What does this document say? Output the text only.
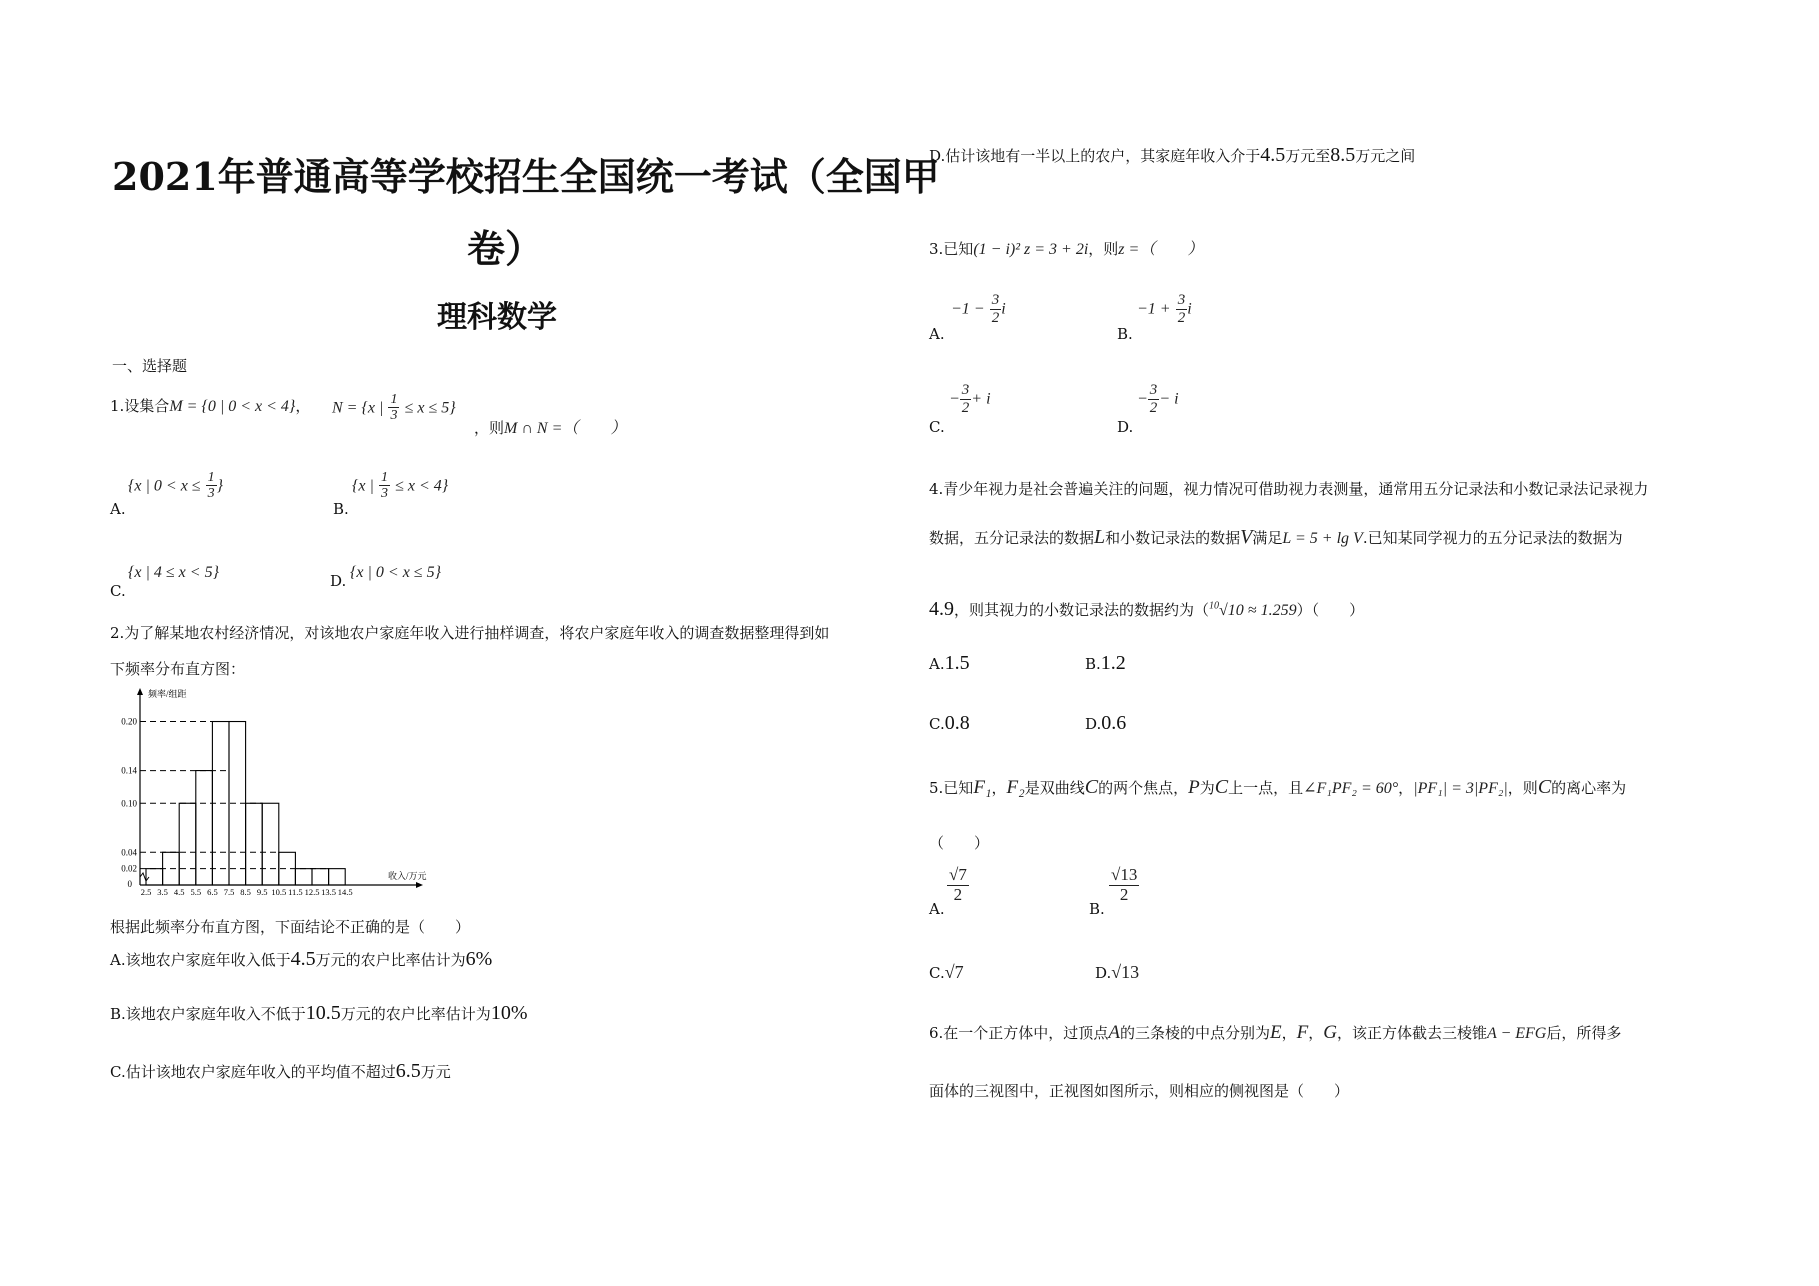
2021年普通高等学校招生全国统一考试（全国甲
卷）
理科数学
一、选择题
1.设集合M = {0 | 0 < x < 4}， N = {x | $\frac{1}{3} \le x \le 5$}
，则M ∩ N =（　　）
A.
{x | $0 < x \le \frac{1}{3}$ }
B.
{x | $\frac{1}{3} \le x < 4$}
C.
{x | 4 ≤ x < 5}	D. {x | 0 < x ≤ 5}
2.为了解某地农村经济情况，对该地农户家庭年收入进行抽样调查，将农户家庭年收入的调查数据整理得到如
下频率分布直方图：
0.02
0.04
0.10
0.14
0.20
2.5 3.5 4.5 5.5 6.5 7.5 8.5 9.5 10.5 11.5 12.5 13.5 14.5
0
频率/组距
收入/万元
根据此频率分布直方图，下面结论不正确的是（　　）
A.该地农户家庭年收入低于4.5万元的农户比率估计为6%
B.该地农户家庭年收入不低于10.5万元的农户比率估计为10%
C.估计该地农户家庭年收入的平均值不超过6.5万元
D.估计该地有一半以上的农户，其家庭年收入介于4.5万元至8.5万元之间
3.已知(1 − i)² z = 3 + 2i，则z =（　　）
A.
$-1 - \frac{3}{2}$ i
B.
$-1 + \frac{3}{2}$ i
C.
− $\frac{3}{2} + i$
D.
− $\frac{3}{2} - i$
4.青少年视力是社会普遍关注的问题，视力情况可借助视力表测量，通常用五分记录法和小数记录法记录视力
数据，五分记录法的数据L和小数记录法的数据V满足L = 5 + lg V.已知某同学视力的五分记录法的数据为
4.9，则其视力的小数记录法的数据约为（$^{10}$√10 ≈ 1.259）（　　）
A.1.5	B.1.2
C.0.8	D.0.6
5.已知F₁，F₂是双曲线C的两个焦点，P为C上一点，且∠F₁PF₂ = 60°，|PF₁| = 3|PF₂|，则C的离心率为
（　　）
A.
$\frac{√7}{2}$
B.
$\frac{√13}{2}$
C.√7	D.√13
6.在一个正方体中，过顶点A的三条棱的中点分别为E，F，G，该正方体截去三棱锥A − EFG后，所得多
面体的三视图中，正视图如图所示，则相应的侧视图是（　　）
